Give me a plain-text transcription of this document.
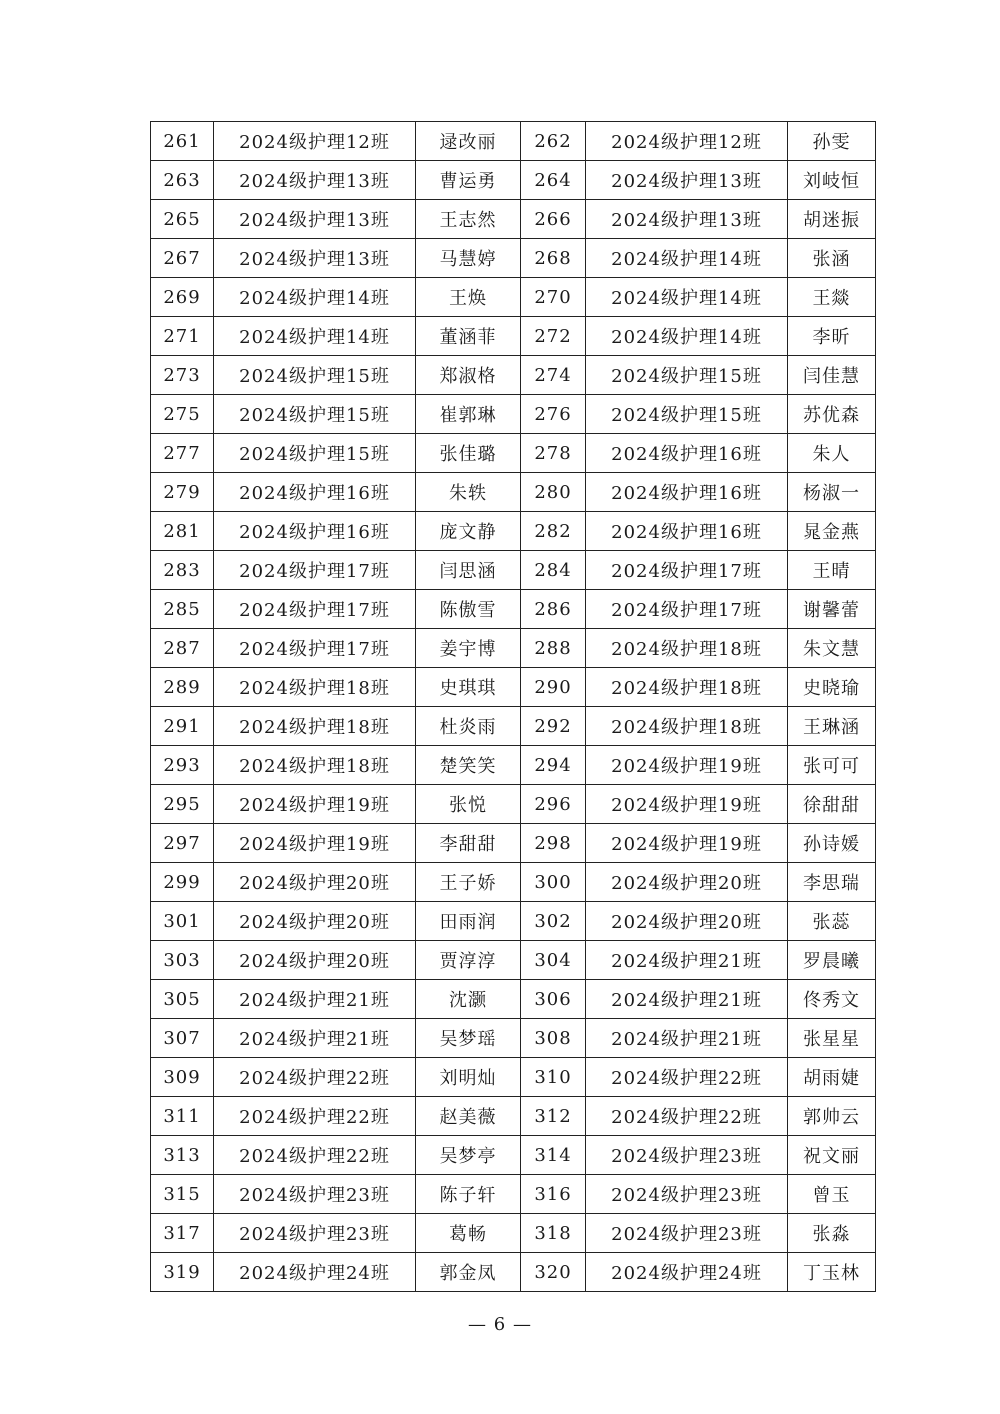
261	2024级护理12班	逯改丽	262	2024级护理12班	孙雯
263	2024级护理13班	曹运勇	264	2024级护理13班	刘岐恒
265	2024级护理13班	王志然	266	2024级护理13班	胡迷振
267	2024级护理13班	马慧婷	268	2024级护理14班	张涵
269	2024级护理14班	王焕	270	2024级护理14班	王燚
271	2024级护理14班	董涵菲	272	2024级护理14班	李昕
273	2024级护理15班	郑淑格	274	2024级护理15班	闫佳慧
275	2024级护理15班	崔郭琳	276	2024级护理15班	苏优森
277	2024级护理15班	张佳璐	278	2024级护理16班	朱人
279	2024级护理16班	朱轶	280	2024级护理16班	杨淑一
281	2024级护理16班	庞文静	282	2024级护理16班	晁金燕
283	2024级护理17班	闫思涵	284	2024级护理17班	王晴
285	2024级护理17班	陈傲雪	286	2024级护理17班	谢馨蕾
287	2024级护理17班	姜宇博	288	2024级护理18班	朱文慧
289	2024级护理18班	史琪琪	290	2024级护理18班	史晓瑜
291	2024级护理18班	杜炎雨	292	2024级护理18班	王琳涵
293	2024级护理18班	楚笑笑	294	2024级护理19班	张可可
295	2024级护理19班	张悦	296	2024级护理19班	徐甜甜
297	2024级护理19班	李甜甜	298	2024级护理19班	孙诗媛
299	2024级护理20班	王子娇	300	2024级护理20班	李思瑞
301	2024级护理20班	田雨润	302	2024级护理20班	张蕊
303	2024级护理20班	贾淳淳	304	2024级护理21班	罗晨曦
305	2024级护理21班	沈灏	306	2024级护理21班	佟秀文
307	2024级护理21班	吴梦瑶	308	2024级护理21班	张星星
309	2024级护理22班	刘明灿	310	2024级护理22班	胡雨婕
311	2024级护理22班	赵美薇	312	2024级护理22班	郭帅云
313	2024级护理22班	吴梦亭	314	2024级护理23班	祝文丽
315	2024级护理23班	陈子轩	316	2024级护理23班	曾玉
317	2024级护理23班	葛畅	318	2024级护理23班	张淼
319	2024级护理24班	郭金凤	320	2024级护理24班	丁玉林
— 6 —
